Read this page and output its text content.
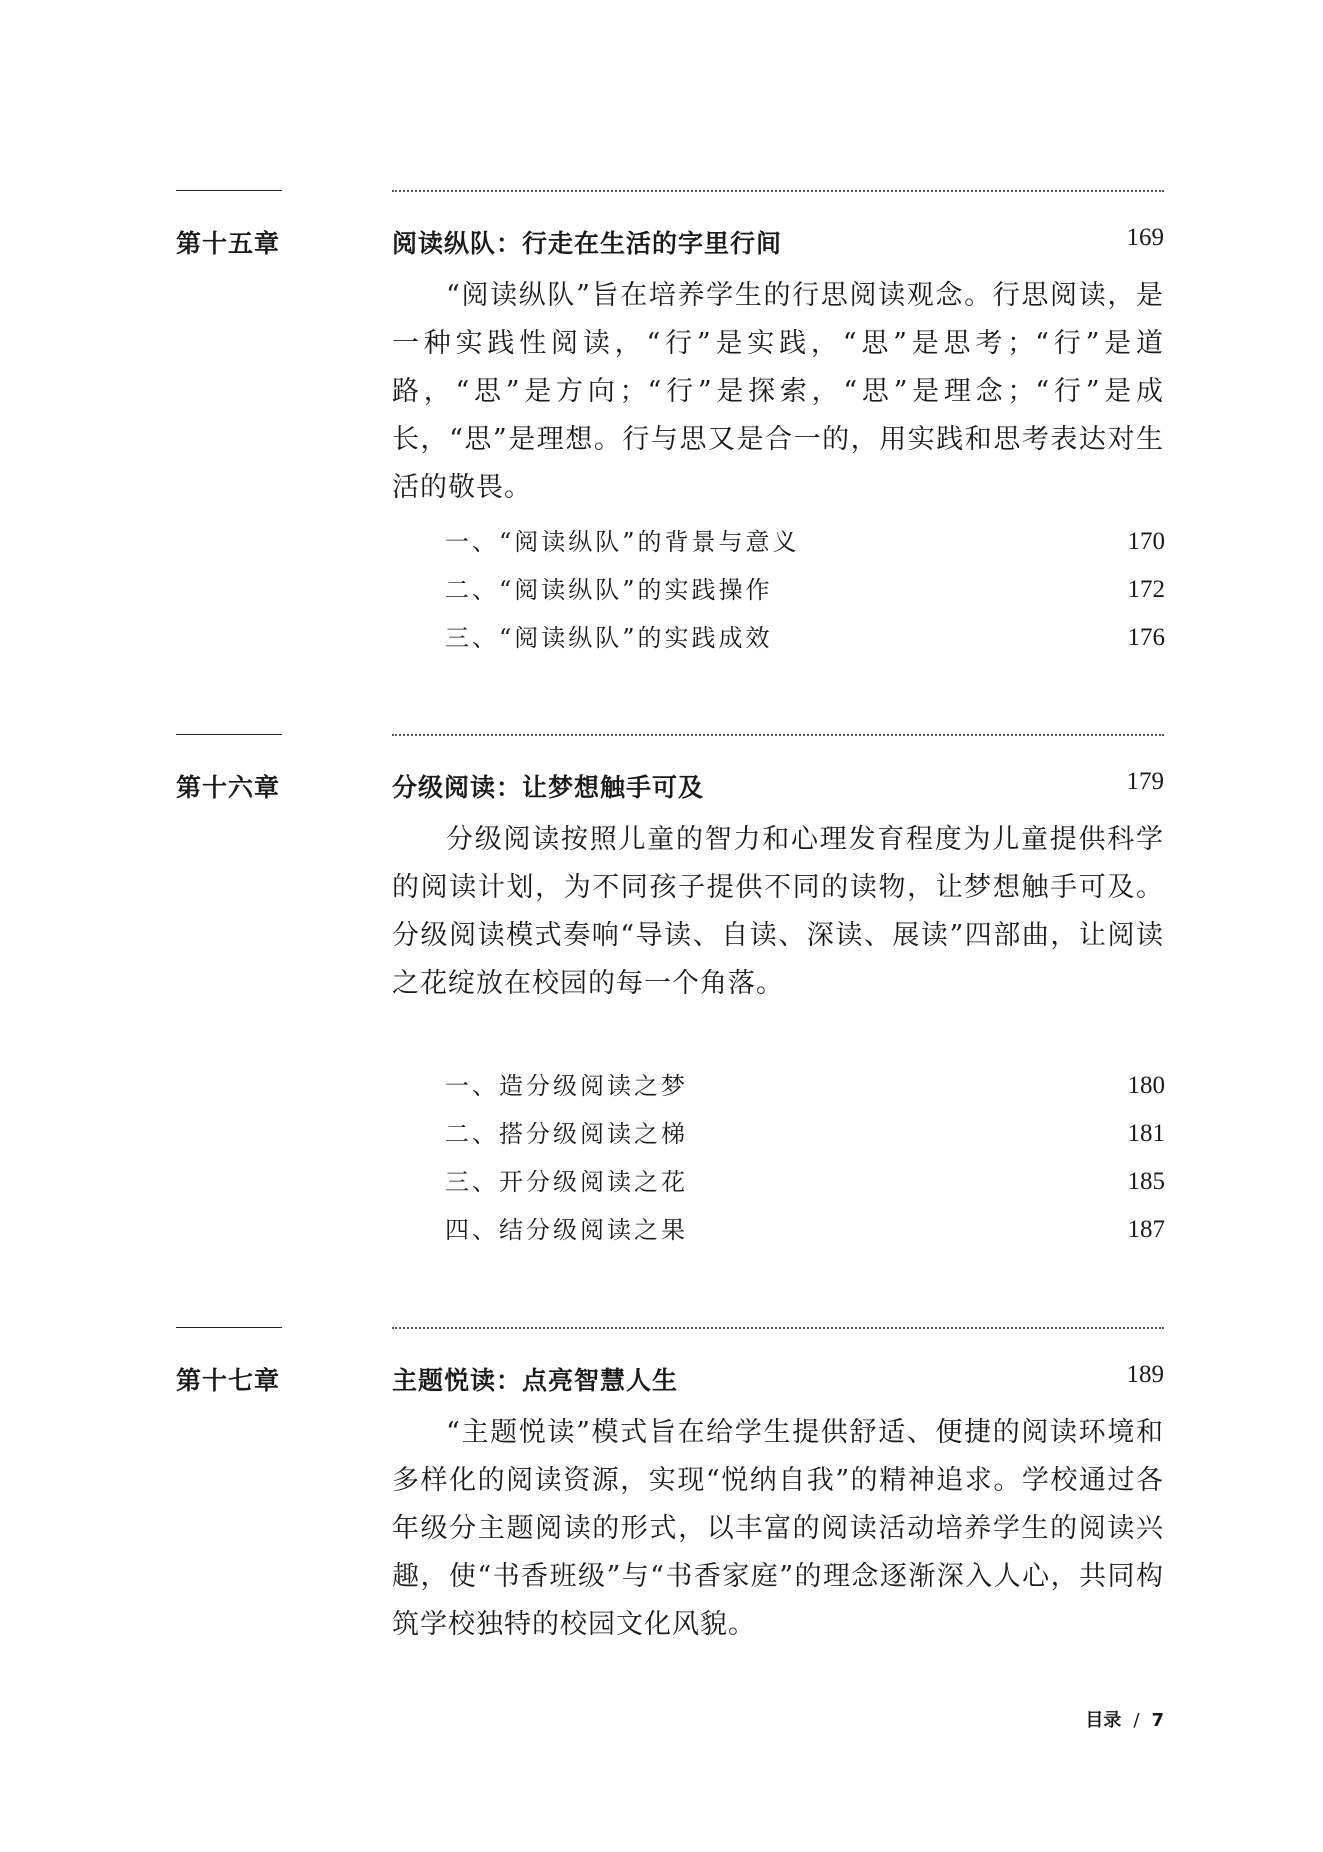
第十五章	阅读纵队：行走在生活的字里行间	169
“阅读纵队”旨在培养学生的行思阅读观念。行思阅读，是一种实践性阅读，“行”是实践，“思”是思考；“行”是道路，“思”是方向；“行”是探索，“思”是理念；“行”是成长，“思”是理想。行与思又是合一的，用实践和思考表达对生活的敬畏。
一、“阅读纵队”的背景与意义	170
二、“阅读纵队”的实践操作	172
三、“阅读纵队”的实践成效	176
第十六章	分级阅读：让梦想触手可及	179
分级阅读按照儿童的智力和心理发育程度为儿童提供科学的阅读计划，为不同孩子提供不同的读物，让梦想触手可及。分级阅读模式奏响“导读、自读、深读、展读”四部曲，让阅读之花绽放在校园的每一个角落。
一、造分级阅读之梦	180
二、搭分级阅读之梯	181
三、开分级阅读之花	185
四、结分级阅读之果	187
第十七章	主题悦读：点亮智慧人生	189
“主题悦读”模式旨在给学生提供舒适、便捷的阅读环境和多样化的阅读资源，实现“悦纳自我”的精神追求。学校通过各年级分主题阅读的形式，以丰富的阅读活动培养学生的阅读兴趣，使“书香班级”与“书香家庭”的理念逐渐深入人心，共同构筑学校独特的校园文化风貌。
目录 / 7
